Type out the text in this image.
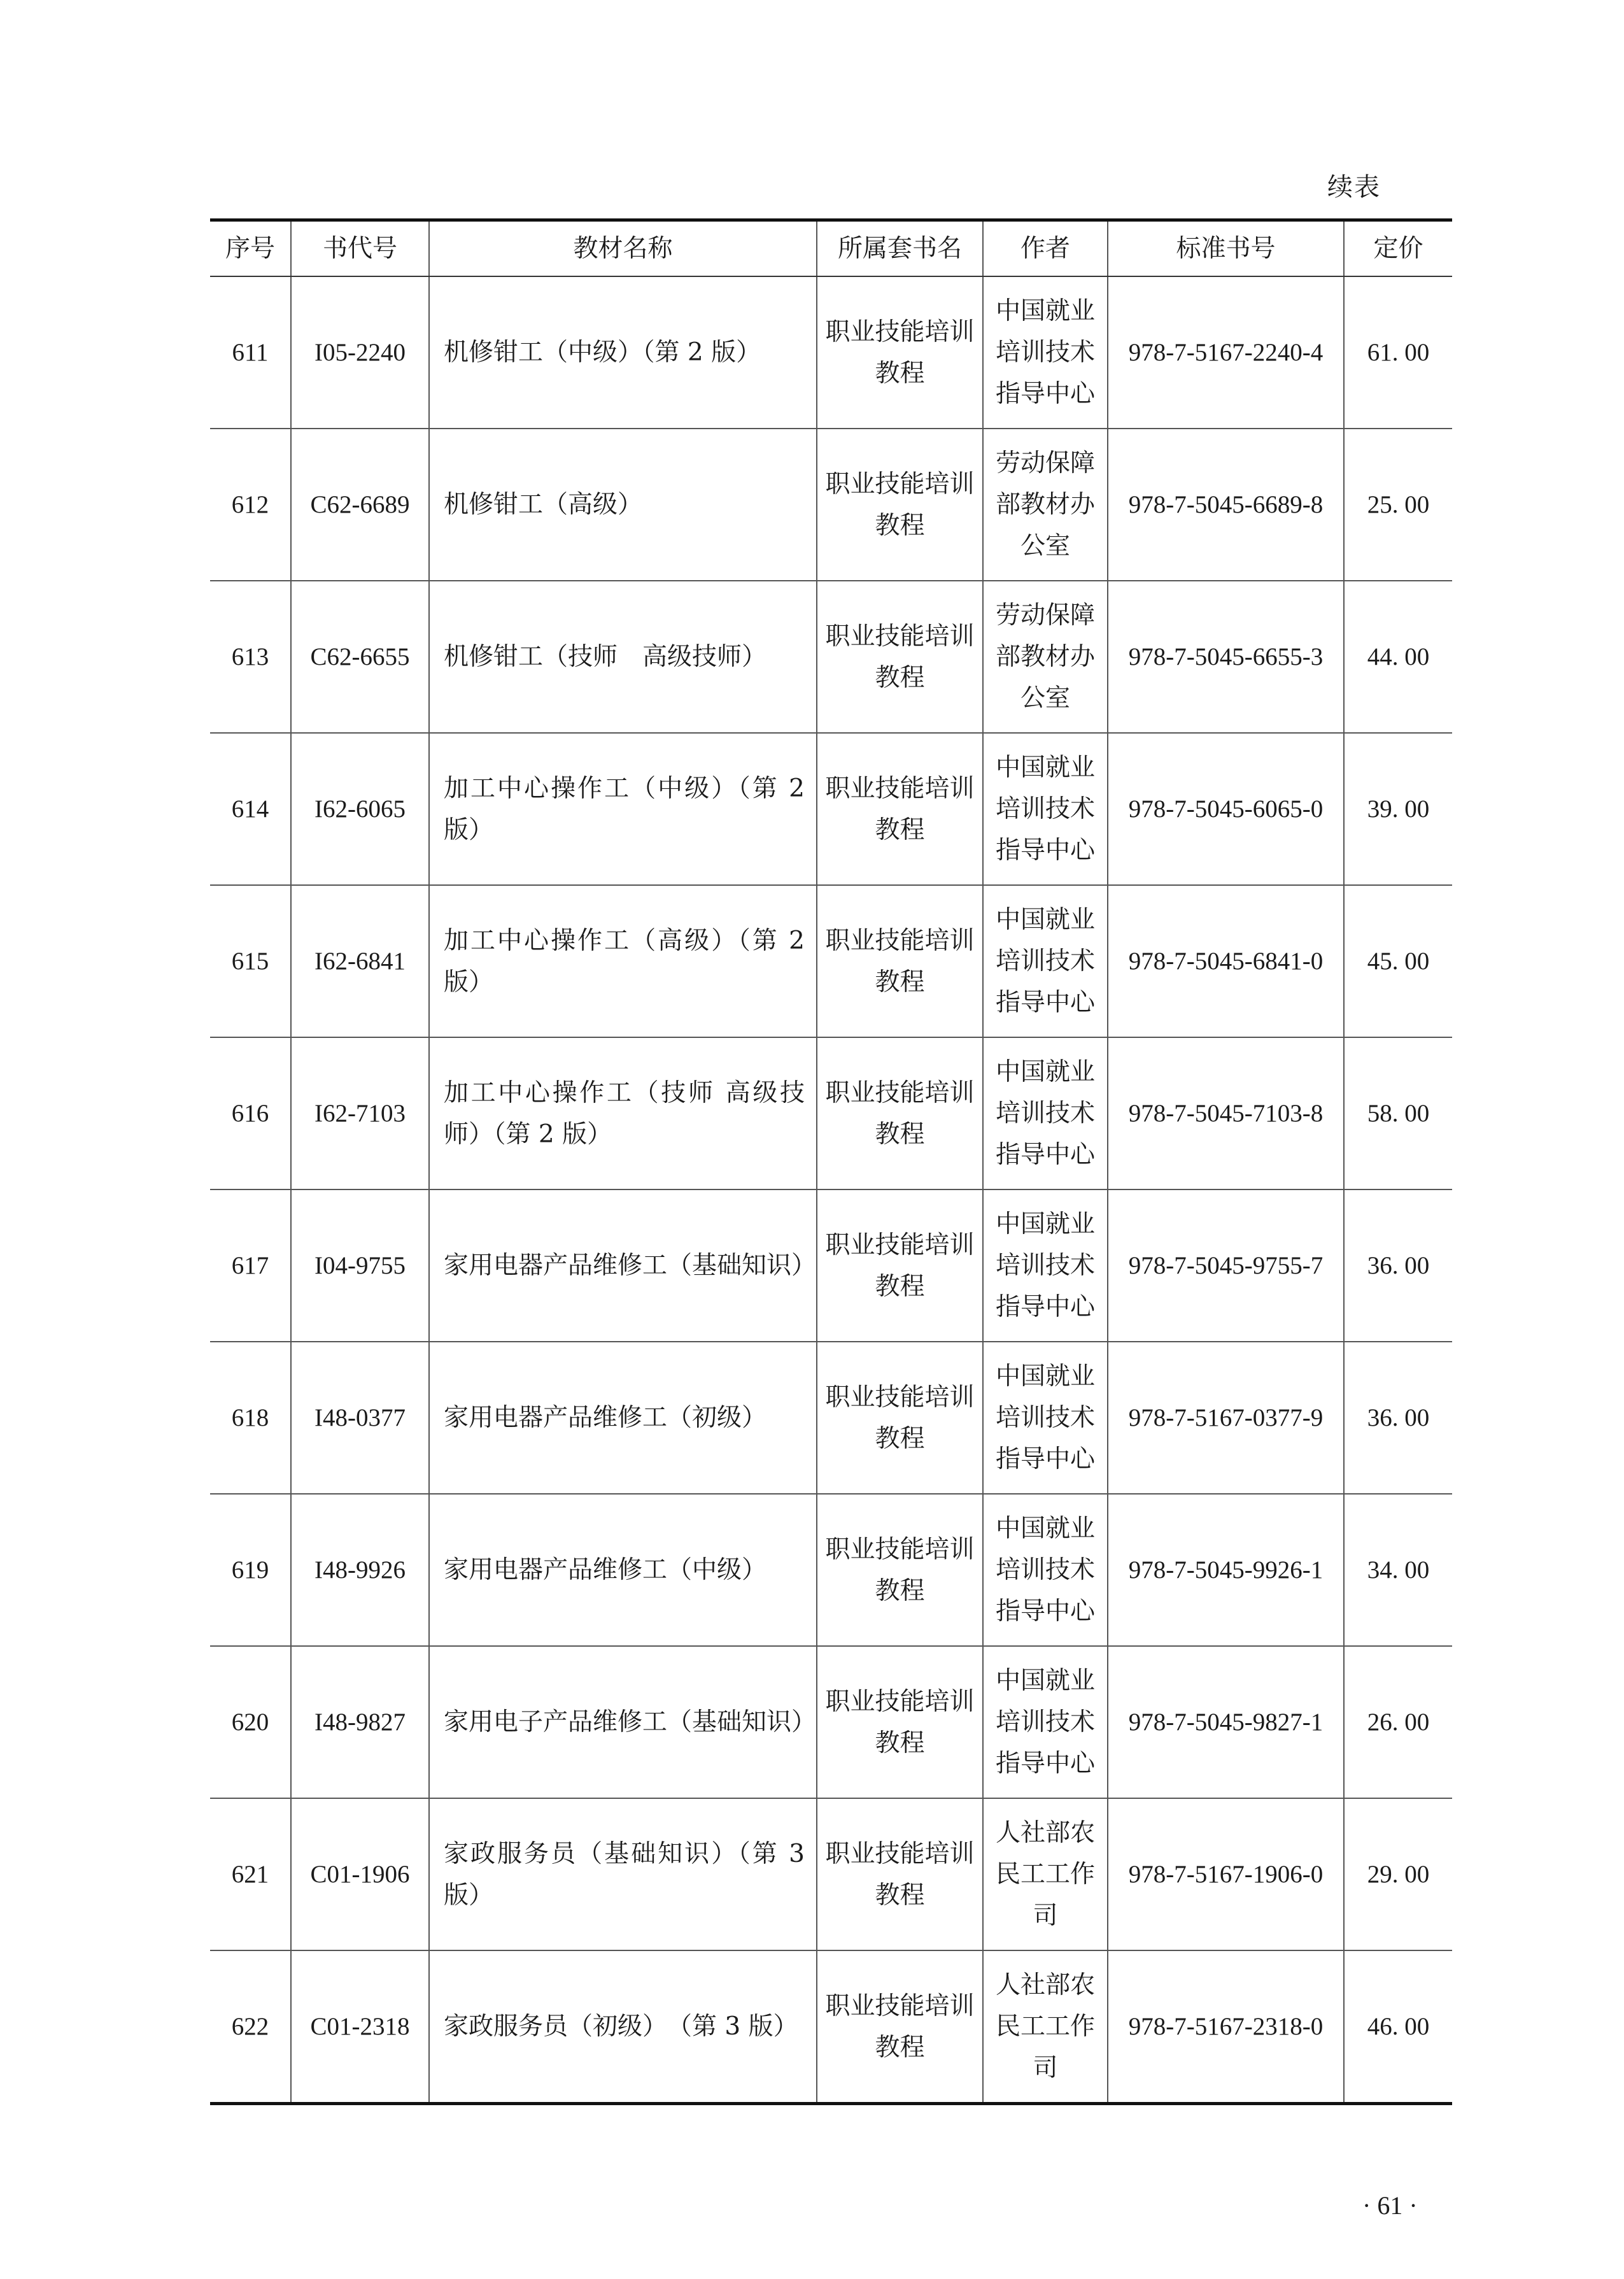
续表
序号	书代号	教材名称	所属套书名	作者	标准书号	定价
611	I05-2240	机修钳工（中级）（第 2 版）	职业技能培训教程	中国就业培训技术指导中心	978-7-5167-2240-4	61. 00
612	C62-6689	机修钳工（高级）	职业技能培训教程	劳动保障部教材办公室	978-7-5045-6689-8	25. 00
613	C62-6655	机修钳工（技师　高级技师）	职业技能培训教程	劳动保障部教材办公室	978-7-5045-6655-3	44. 00
614	I62-6065	加工中心操作工（中级）（第 2 版）	职业技能培训教程	中国就业培训技术指导中心	978-7-5045-6065-0	39. 00
615	I62-6841	加工中心操作工（高级）（第 2 版）	职业技能培训教程	中国就业培训技术指导中心	978-7-5045-6841-0	45. 00
616	I62-7103	加工中心操作工（技师 高级技师）（第 2 版）	职业技能培训教程	中国就业培训技术指导中心	978-7-5045-7103-8	58. 00
617	I04-9755	家用电器产品维修工（基础知识）	职业技能培训教程	中国就业培训技术指导中心	978-7-5045-9755-7	36. 00
618	I48-0377	家用电器产品维修工（初级）	职业技能培训教程	中国就业培训技术指导中心	978-7-5167-0377-9	36. 00
619	I48-9926	家用电器产品维修工（中级）	职业技能培训教程	中国就业培训技术指导中心	978-7-5045-9926-1	34. 00
620	I48-9827	家用电子产品维修工（基础知识）	职业技能培训教程	中国就业培训技术指导中心	978-7-5045-9827-1	26. 00
621	C01-1906	家政服务员（基础知识）（第 3 版）	职业技能培训教程	人社部农民工工作司	978-7-5167-1906-0	29. 00
622	C01-2318	家政服务员（初级）　（第 3 版）	职业技能培训教程	人社部农民工工作司	978-7-5167-2318-0	46. 00
· 61 ·
